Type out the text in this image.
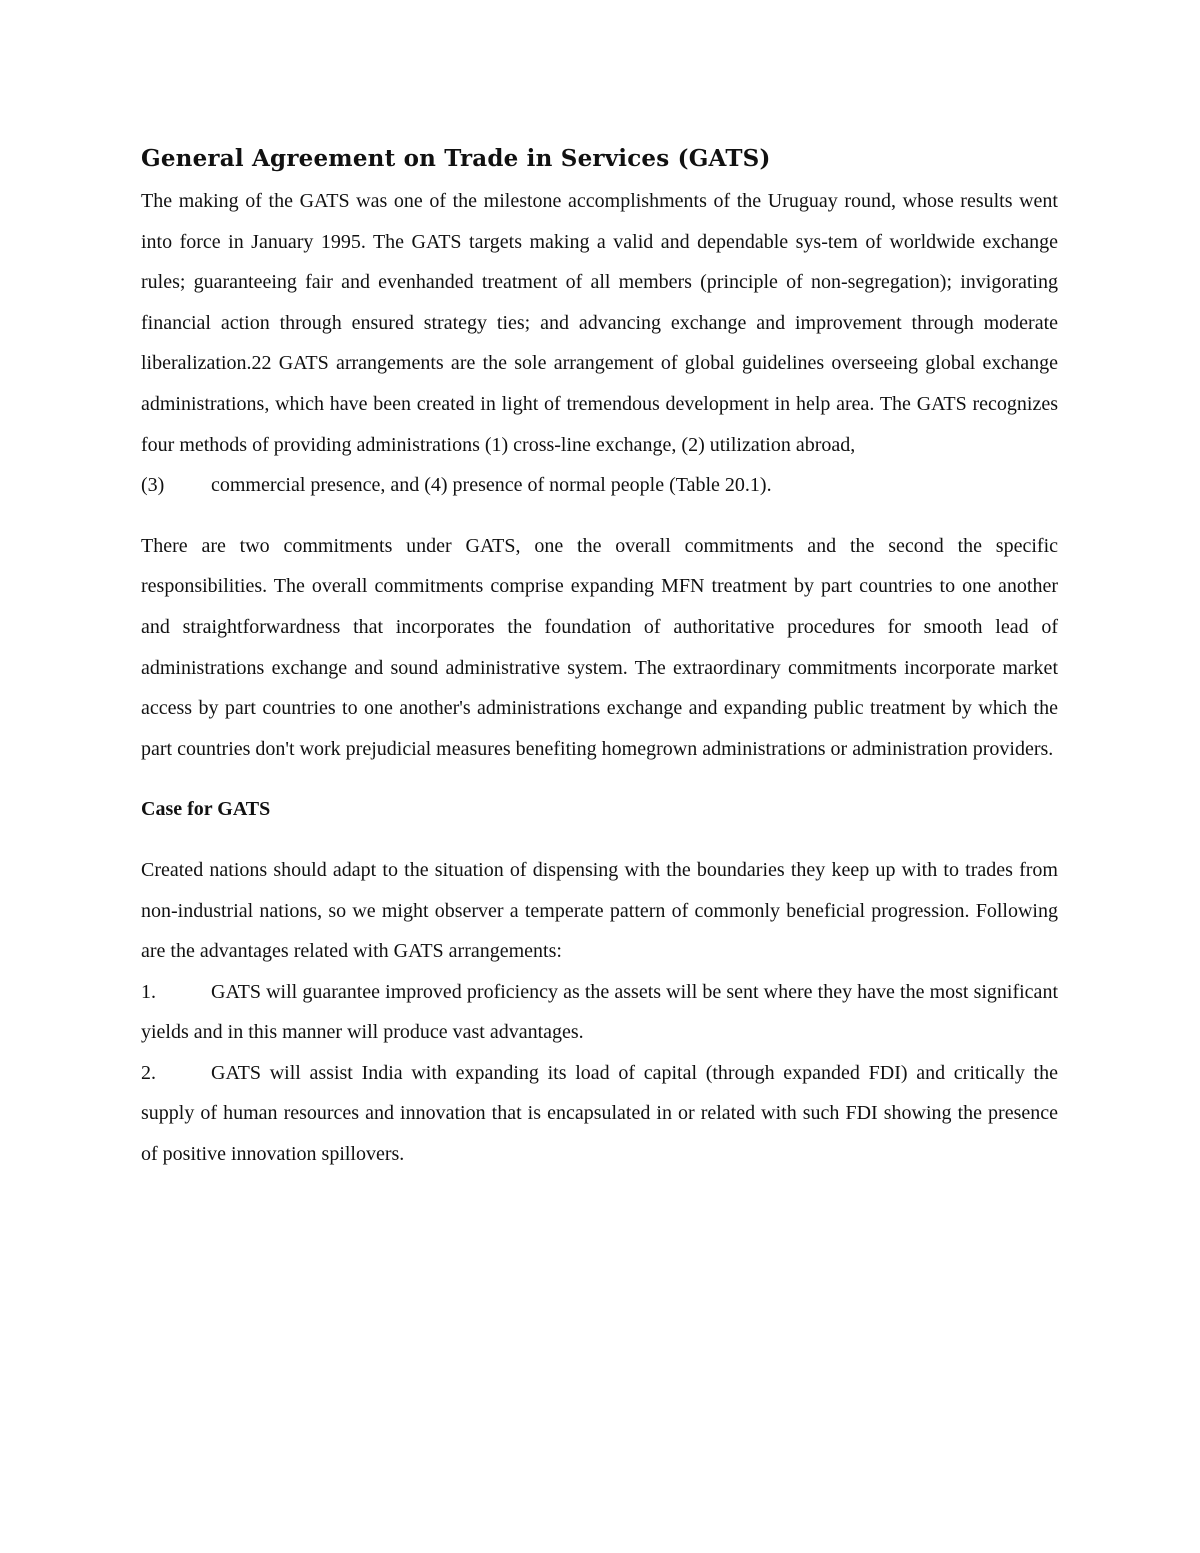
General Agreement on Trade in Services (GATS)

The making of the GATS was one of the milestone accomplishments of the Uruguay round, whose results went into force in January 1995. The GATS targets making a valid and dependable sys-tem of worldwide exchange rules; guaranteeing fair and evenhanded treatment of all members (principle of non-segregation); invigorating financial action through ensured strategy ties; and advancing exchange and improvement through moderate liberalization.22 GATS arrangements are the sole arrangement of global guidelines overseeing global exchange administrations, which have been created in light of tremendous development in help area. The GATS recognizes four methods of providing administrations (1) cross-line exchange, (2) utilization abroad,

(3) commercial presence, and (4) presence of normal people (Table 20.1).

There are two commitments under GATS, one the overall commitments and the second the specific responsibilities. The overall commitments comprise expanding MFN treatment by part countries to one another and straightforwardness that incorporates the foundation of authoritative procedures for smooth lead of administrations exchange and sound administrative system. The extraordinary commitments incorporate market access by part countries to one another's administrations exchange and expanding public treatment by which the part countries don't work prejudicial measures benefiting homegrown administrations or administration providers.

Case for GATS

Created nations should adapt to the situation of dispensing with the boundaries they keep up with to trades from non-industrial nations, so we might observer a temperate pattern of commonly beneficial progression. Following are the advantages related with GATS arrangements:

1.	GATS will guarantee improved proficiency as the assets will be sent where they have the most significant yields and in this manner will produce vast advantages.

2.	GATS will assist India with expanding its load of capital (through expanded FDI) and critically the supply of human resources and innovation that is encapsulated in or related with such FDI showing the presence of positive innovation spillovers.
